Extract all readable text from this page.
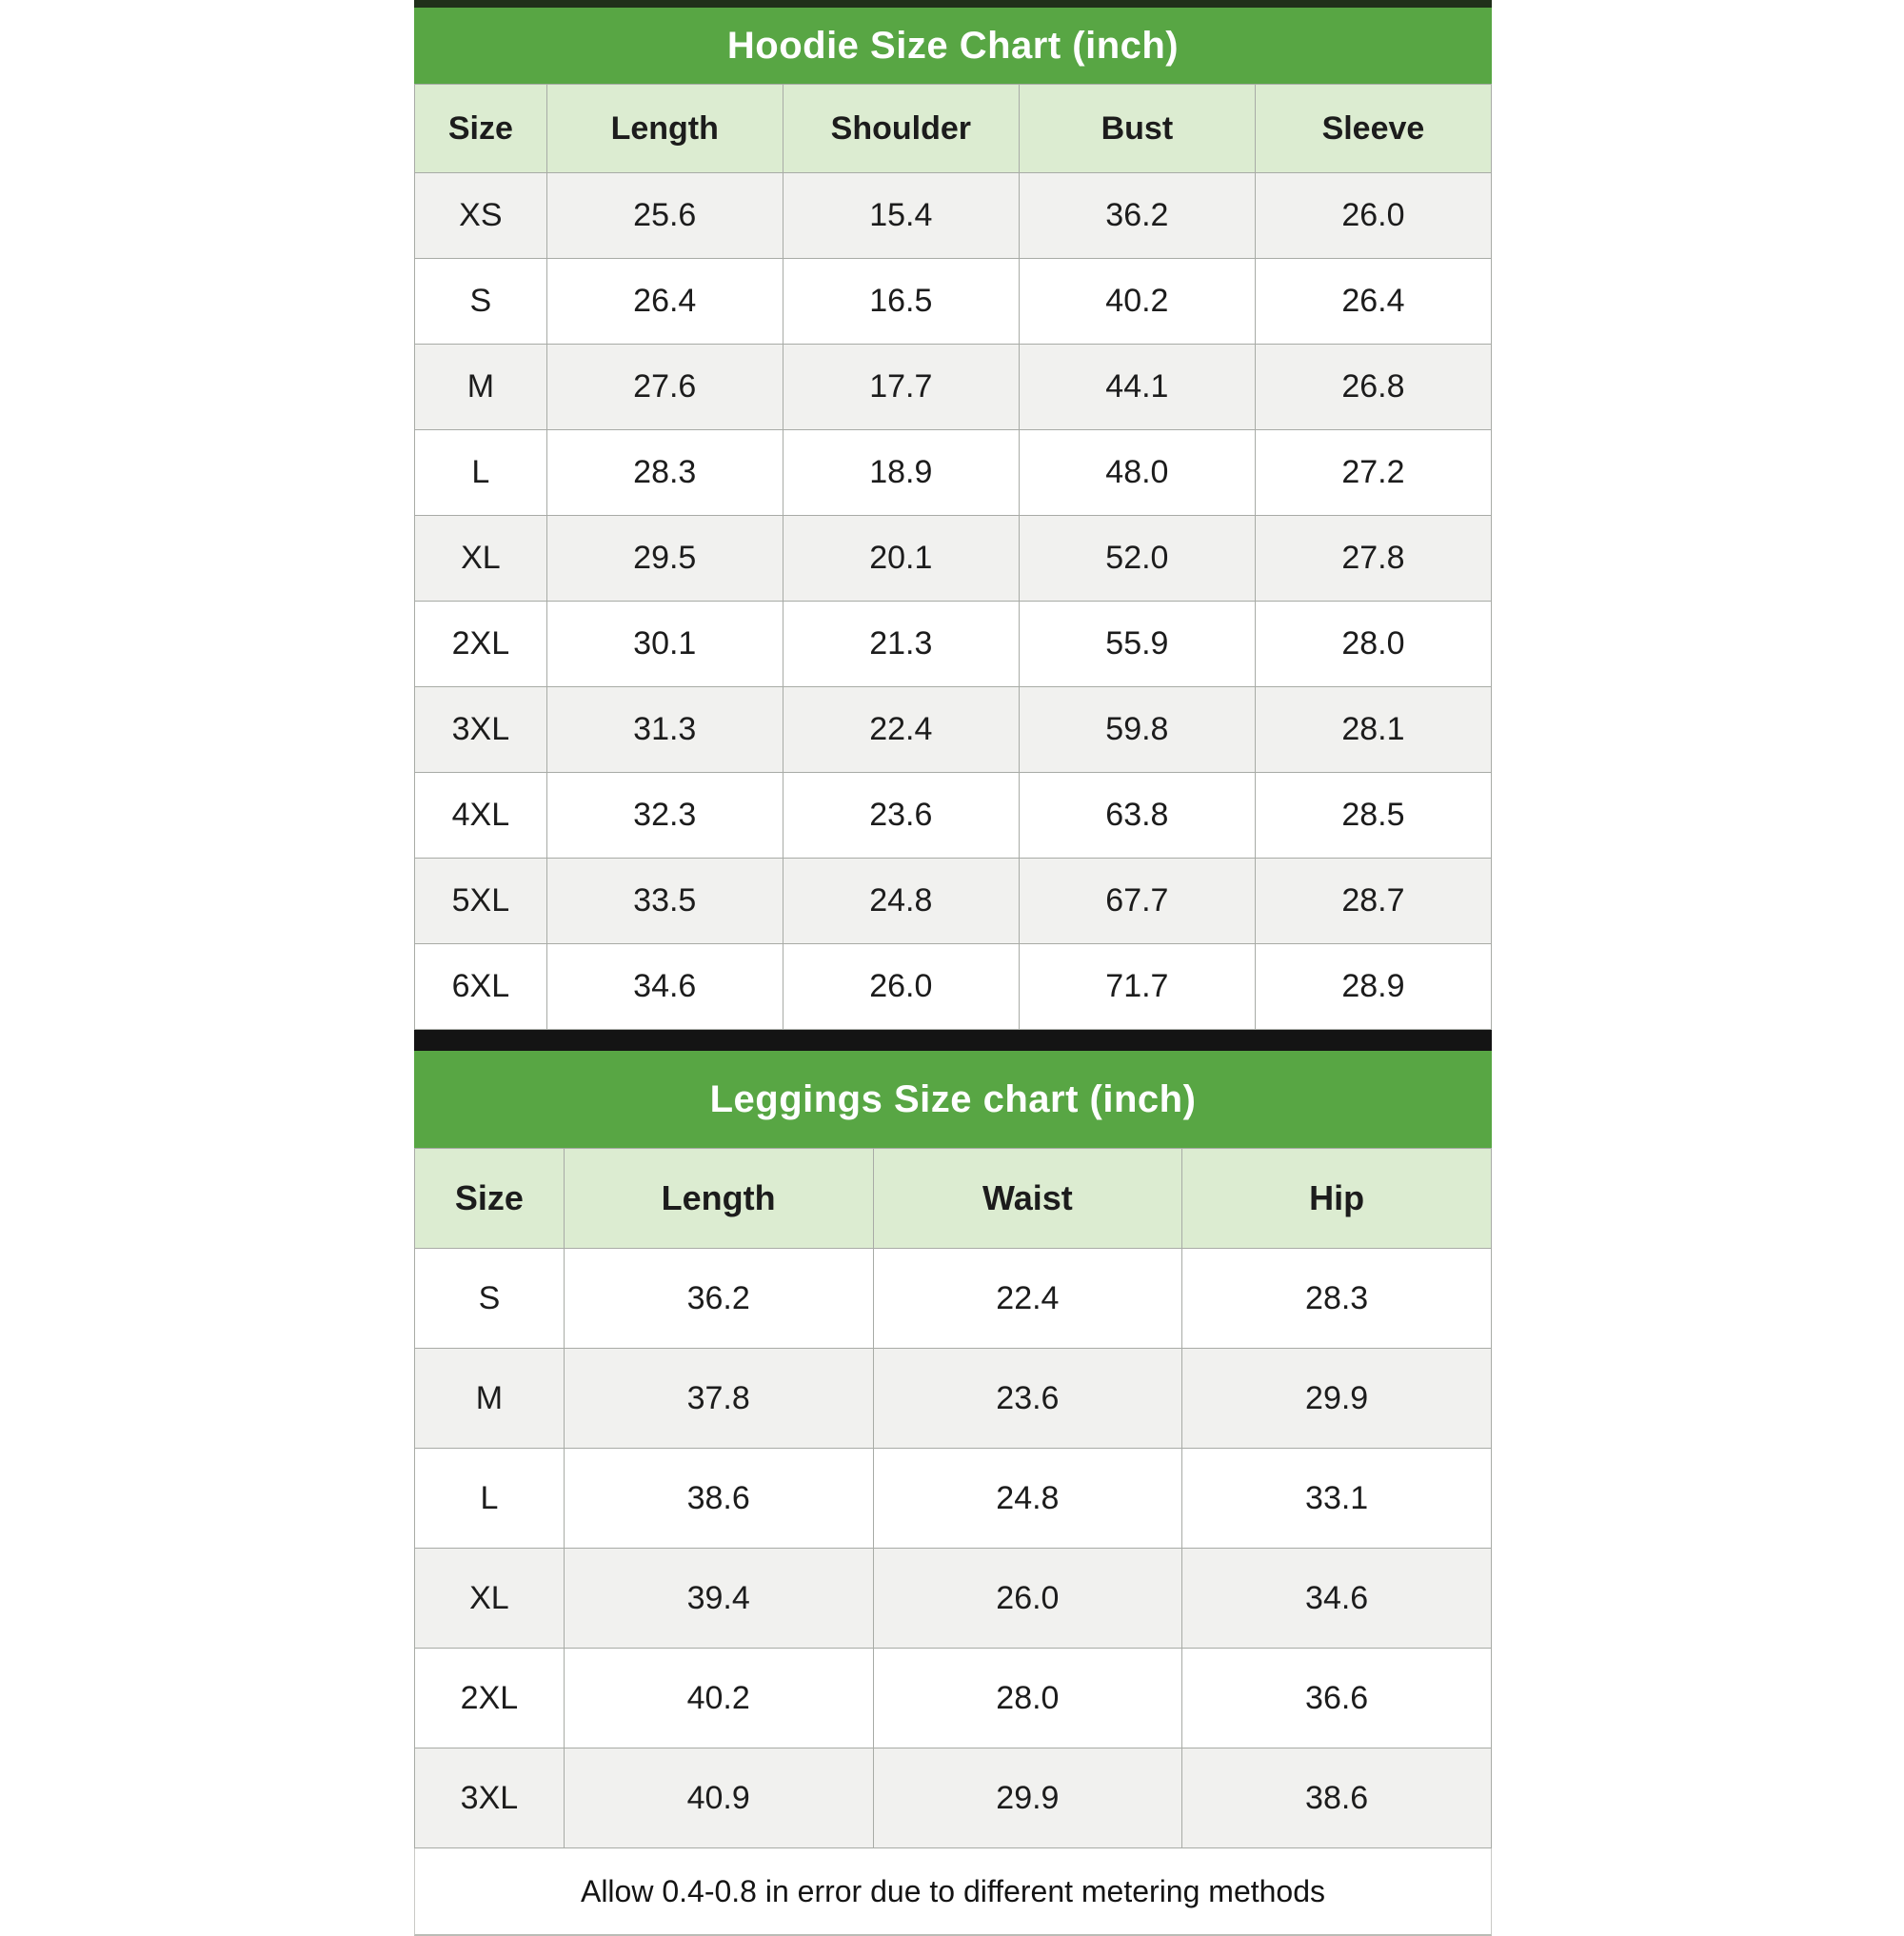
Hoodie Size Chart (inch)
Size	Length	Shoulder	Bust	Sleeve
XS	25.6	15.4	36.2	26.0
S	26.4	16.5	40.2	26.4
M	27.6	17.7	44.1	26.8
L	28.3	18.9	48.0	27.2
XL	29.5	20.1	52.0	27.8
2XL	30.1	21.3	55.9	28.0
3XL	31.3	22.4	59.8	28.1
4XL	32.3	23.6	63.8	28.5
5XL	33.5	24.8	67.7	28.7
6XL	34.6	26.0	71.7	28.9
Leggings Size chart (inch)
Size	Length	Waist	Hip
S	36.2	22.4	28.3
M	37.8	23.6	29.9
L	38.6	24.8	33.1
XL	39.4	26.0	34.6
2XL	40.2	28.0	36.6
3XL	40.9	29.9	38.6
Allow 0.4-0.8 in error due to different metering methods
